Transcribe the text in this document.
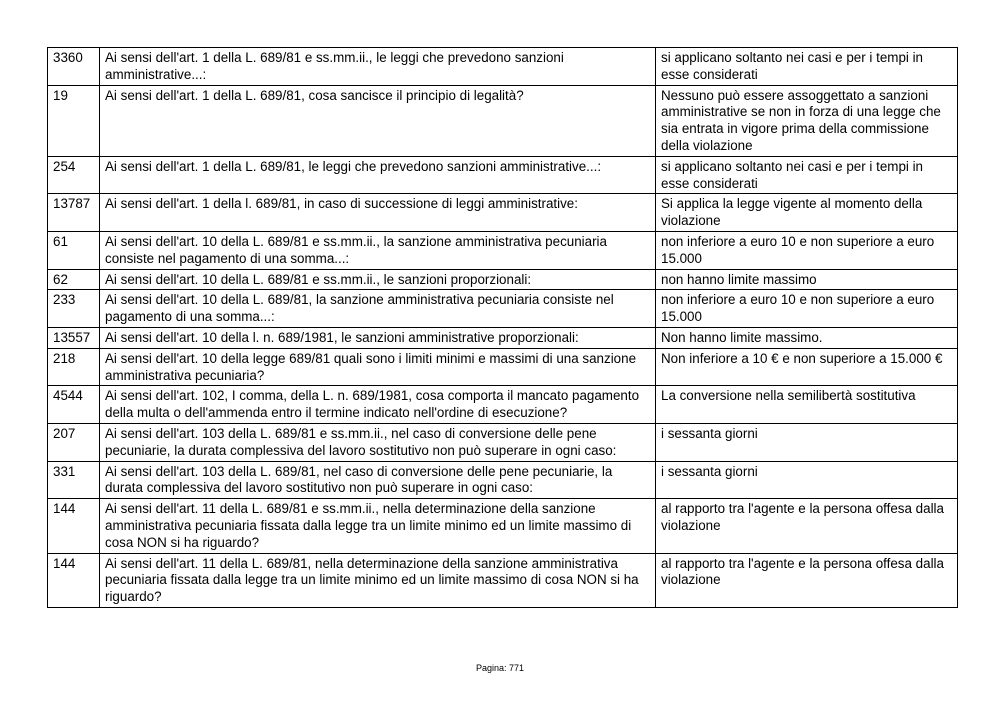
3360	Ai sensi dell'art. 1 della L. 689/81 e ss.mm.ii., le leggi che prevedono sanzioni amministrative...:	si applicano soltanto nei casi e per i tempi in esse considerati
19	Ai sensi dell'art. 1 della L. 689/81, cosa sancisce il principio di legalità?	Nessuno può essere assoggettato a sanzioni amministrative se non in forza di una legge che sia entrata in vigore prima della commissione della violazione
254	Ai sensi dell'art. 1 della L. 689/81, le leggi che prevedono sanzioni amministrative...:	si applicano soltanto nei casi e per i tempi in esse considerati
13787	Ai sensi dell'art. 1 della l. 689/81, in caso di successione di leggi amministrative:	Si applica la legge vigente al momento della violazione
61	Ai sensi dell'art. 10 della L. 689/81 e ss.mm.ii., la sanzione amministrativa pecuniaria consiste nel pagamento di una somma...:	non inferiore a euro 10 e non superiore a euro 15.000
62	Ai sensi dell'art. 10 della L. 689/81 e ss.mm.ii., le sanzioni proporzionali:	non hanno limite massimo
233	Ai sensi dell'art. 10 della L. 689/81, la sanzione amministrativa pecuniaria consiste nel pagamento di una somma...:	non inferiore a euro 10 e non superiore a euro 15.000
13557	Ai sensi dell'art. 10 della l. n. 689/1981, le sanzioni amministrative proporzionali:	Non hanno limite massimo.
218	Ai sensi dell'art. 10 della legge 689/81 quali sono i limiti minimi e massimi di una sanzione amministrativa pecuniaria?	Non inferiore a 10 € e non superiore a 15.000 €
4544	Ai sensi dell'art. 102, I comma, della L. n. 689/1981, cosa comporta il mancato pagamento della multa o dell'ammenda entro il termine indicato nell'ordine di esecuzione?	La conversione nella semilibertà sostitutiva
207	Ai sensi dell'art. 103 della L. 689/81 e ss.mm.ii., nel caso di conversione delle pene pecuniarie, la durata complessiva del lavoro sostitutivo non può superare in ogni caso:	i sessanta giorni
331	Ai sensi dell'art. 103 della L. 689/81, nel caso di conversione delle pene pecuniarie, la durata complessiva del lavoro sostitutivo non può superare in ogni caso:	i sessanta giorni
144	Ai sensi dell'art. 11 della L. 689/81 e ss.mm.ii., nella determinazione della sanzione amministrativa pecuniaria fissata dalla legge tra un limite minimo ed un limite massimo di cosa NON si ha riguardo?	al rapporto tra l'agente e la persona offesa dalla violazione
144	Ai sensi dell'art. 11 della L. 689/81, nella determinazione della sanzione amministrativa pecuniaria fissata dalla legge tra un limite minimo ed un limite massimo di cosa NON si ha riguardo?	al rapporto tra l'agente e la persona offesa dalla violazione
Pagina: 771
